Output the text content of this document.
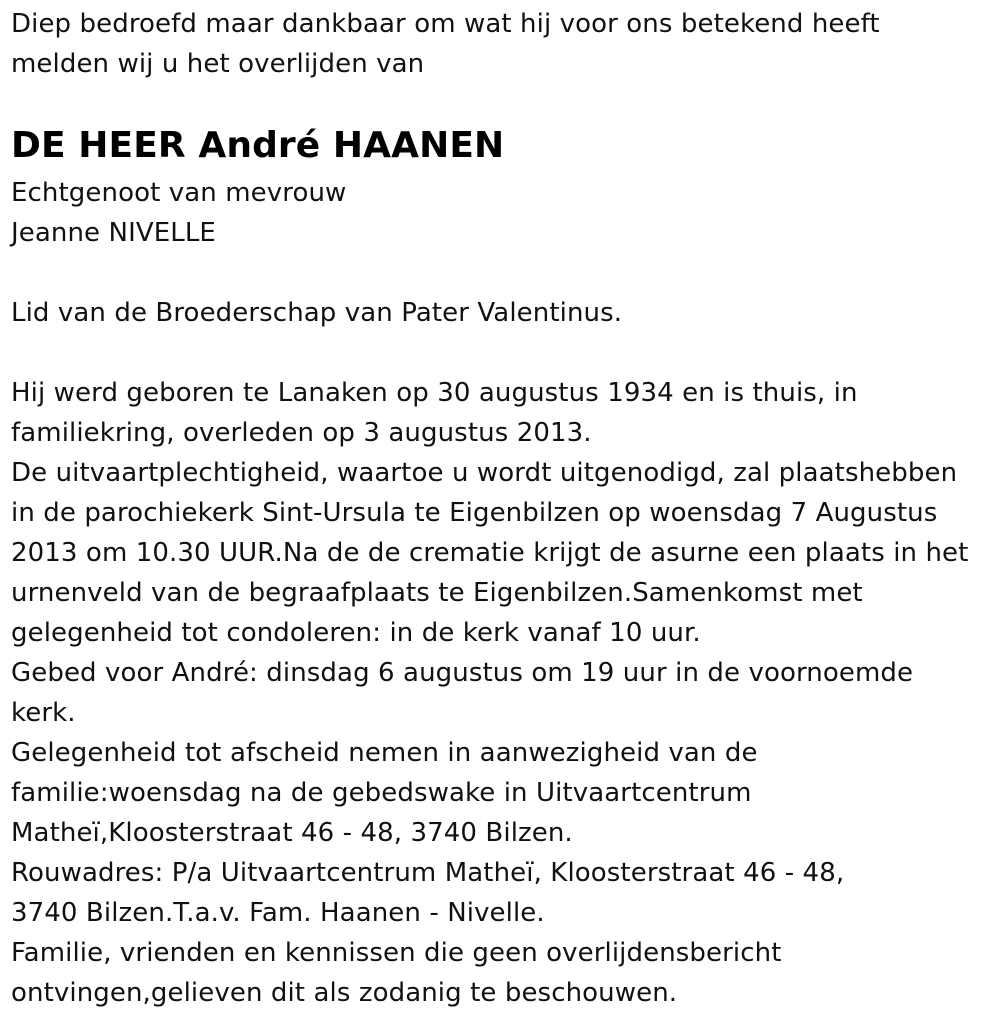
Diep bedroefd maar dankbaar om wat hij voor ons betekend heeft
melden wij u het overlijden van
DE HEER André HAANEN
Echtgenoot van mevrouw
Jeanne NIVELLE
Lid van de Broederschap van Pater Valentinus.
Hij werd geboren te Lanaken op 30 augustus 1934 en is thuis, in
familiekring, overleden op 3 augustus 2013.
De uitvaartplechtigheid, waartoe u wordt uitgenodigd, zal plaatshebben
in de parochiekerk Sint-Ursula te Eigenbilzen op woensdag 7 Augustus
2013 om 10.30 UUR.Na de de crematie krijgt de asurne een plaats in het
urnenveld van de begraafplaats te Eigenbilzen.Samenkomst met
gelegenheid tot condoleren: in de kerk vanaf 10 uur.
Gebed voor André: dinsdag 6 augustus om 19 uur in de voornoemde
kerk.
Gelegenheid tot afscheid nemen in aanwezigheid van de
familie:woensdag na de gebedswake in Uitvaartcentrum
Matheï,Kloosterstraat 46 - 48, 3740 Bilzen.
Rouwadres: P/a Uitvaartcentrum Matheï, Kloosterstraat 46 - 48,
3740 Bilzen.T.a.v. Fam. Haanen - Nivelle.
Familie, vrienden en kennissen die geen overlijdensbericht
ontvingen,gelieven dit als zodanig te beschouwen.
